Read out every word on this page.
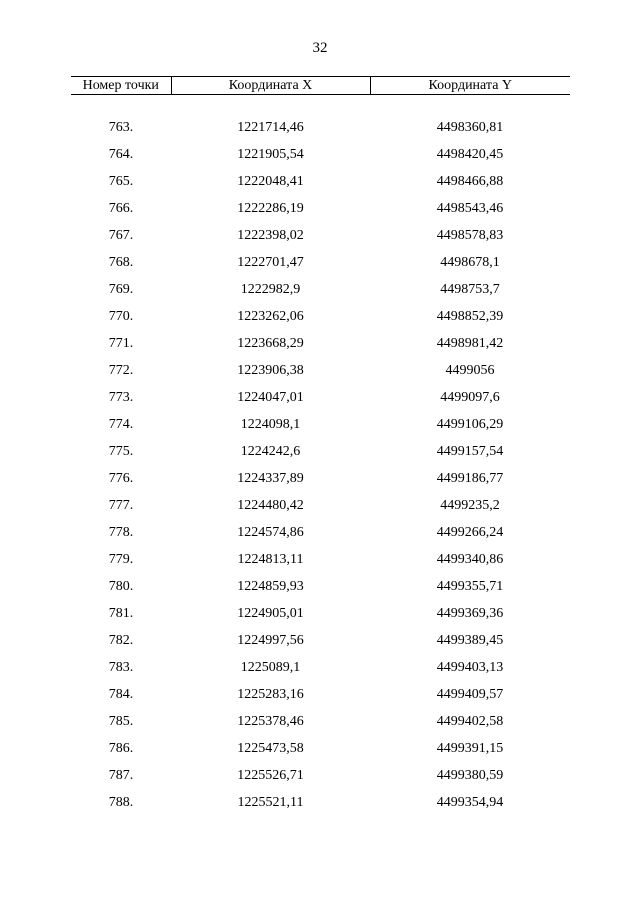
32
Номер точки	Координата X	Координата Y

763.	1221714,46	4498360,81
764.	1221905,54	4498420,45
765.	1222048,41	4498466,88
766.	1222286,19	4498543,46
767.	1222398,02	4498578,83
768.	1222701,47	4498678,1
769.	1222982,9	4498753,7
770.	1223262,06	4498852,39
771.	1223668,29	4498981,42
772.	1223906,38	4499056
773.	1224047,01	4499097,6
774.	1224098,1	4499106,29
775.	1224242,6	4499157,54
776.	1224337,89	4499186,77
777.	1224480,42	4499235,2
778.	1224574,86	4499266,24
779.	1224813,11	4499340,86
780.	1224859,93	4499355,71
781.	1224905,01	4499369,36
782.	1224997,56	4499389,45
783.	1225089,1	4499403,13
784.	1225283,16	4499409,57
785.	1225378,46	4499402,58
786.	1225473,58	4499391,15
787.	1225526,71	4499380,59
788.	1225521,11	4499354,94
